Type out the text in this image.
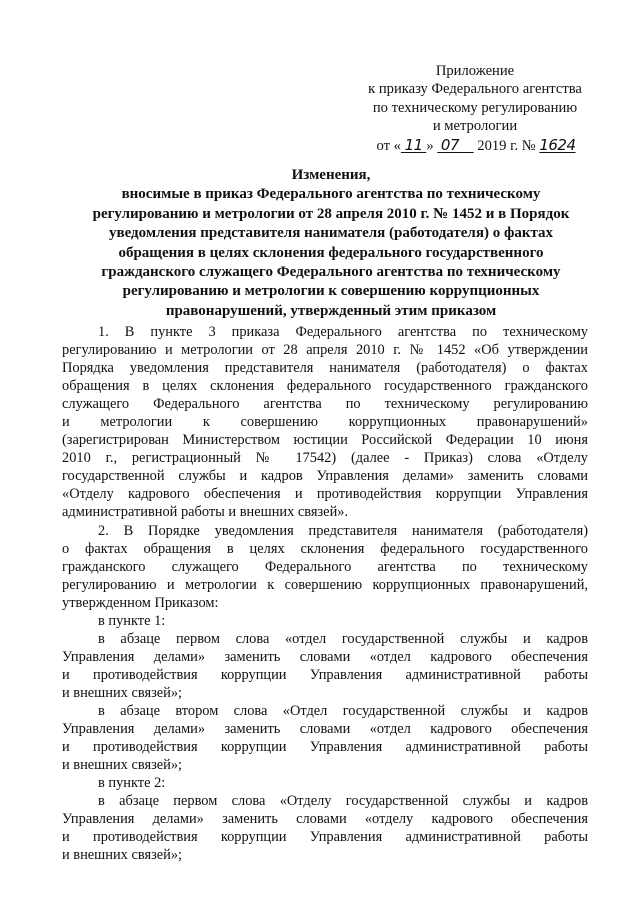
Приложение
к приказу Федерального агентства
по техническому регулированию
и метрологии
от « 11 » 07 2019 г. № 1624
Изменения,
вносимые в приказ Федерального агентства по техническому
регулированию и метрологии от 28 апреля 2010 г. № 1452 и в Порядок
уведомления представителя нанимателя (работодателя) о фактах
обращения в целях склонения федерального государственного
гражданского служащего Федерального агентства по техническому
регулированию и метрологии к совершению коррупционных
правонарушений, утвержденный этим приказом
1. В пункте 3 приказа Федерального агентства по техническому
регулированию и метрологии от 28 апреля 2010 г. № 1452 «Об утверждении
Порядка уведомления представителя нанимателя (работодателя) о фактах
обращения в целях склонения федерального государственного гражданского
служащего Федерального агентства по техническому регулированию
и метрологии к совершению коррупционных правонарушений»
(зарегистрирован Министерством юстиции Российской Федерации 10 июня
2010 г., регистрационный № 17542) (далее - Приказ) слова «Отделу
государственной службы и кадров Управления делами» заменить словами
«Отделу кадрового обеспечения и противодействия коррупции Управления
административной работы и внешних связей».
2. В Порядке уведомления представителя нанимателя (работодателя)
о фактах обращения в целях склонения федерального государственного
гражданского служащего Федерального агентства по техническому
регулированию и метрологии к совершению коррупционных правонарушений,
утвержденном Приказом:
в пункте 1:
в абзаце первом слова «отдел государственной службы и кадров
Управления делами» заменить словами «отдел кадрового обеспечения
и противодействия коррупции Управления административной работы
и внешних связей»;
в абзаце втором слова «Отдел государственной службы и кадров
Управления делами» заменить словами «отдел кадрового обеспечения
и противодействия коррупции Управления административной работы
и внешних связей»;
в пункте 2:
в абзаце первом слова «Отделу государственной службы и кадров
Управления делами» заменить словами «отделу кадрового обеспечения
и противодействия коррупции Управления административной работы
и внешних связей»;
